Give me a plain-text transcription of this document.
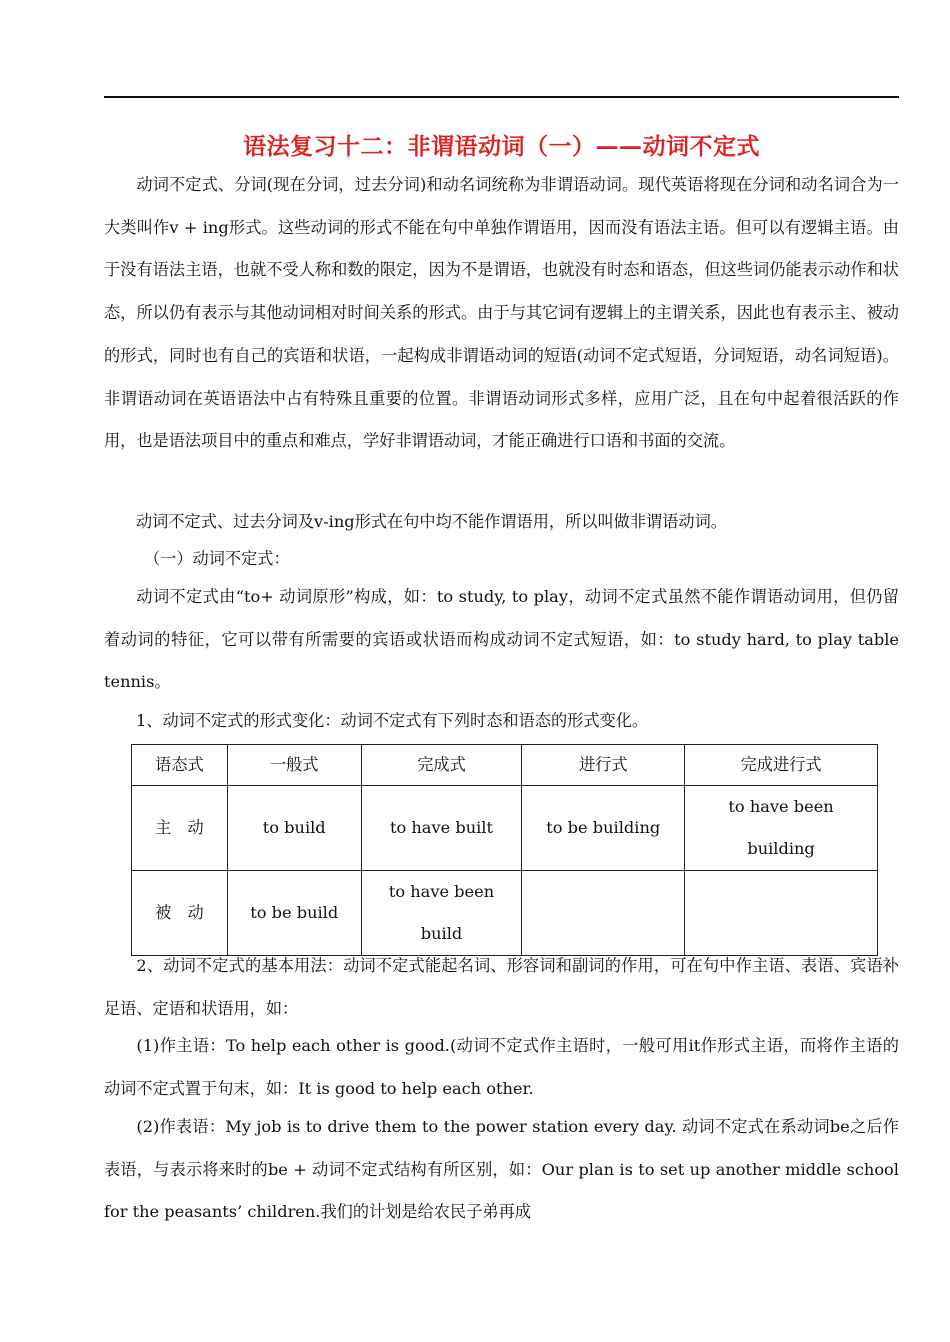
语法复习十二：非谓语动词（一）——动词不定式

动词不定式、分词(现在分词，过去分词)和动名词统称为非谓语动词。现代英语将现在分词和动名词合为一大类叫作v + ing形式。这些动词的形式不能在句中单独作谓语用，因而没有语法主语。但可以有逻辑主语。由于没有语法主语，也就不受人称和数的限定，因为不是谓语，也就没有时态和语态，但这些词仍能表示动作和状态，所以仍有表示与其他动词相对时间关系的形式。由于与其它词有逻辑上的主谓关系，因此也有表示主、被动的形式，同时也有自己的宾语和状语，一起构成非谓语动词的短语(动词不定式短语，分词短语，动名词短语)。非谓语动词在英语语法中占有特殊且重要的位置。非谓语动词形式多样，应用广泛，且在句中起着很活跃的作用，也是语法项目中的重点和难点，学好非谓语动词，才能正确进行口语和书面的交流。

动词不定式、过去分词及v-ing形式在句中均不能作谓语用，所以叫做非谓语动词。

（一）动词不定式：

动词不定式由“to+ 动词原形”构成，如：to study, to play，动词不定式虽然不能作谓语动词用，但仍留着动词的特征，它可以带有所需要的宾语或状语而构成动词不定式短语，如：to study hard, to play table tennis。

1、动词不定式的形式变化：动词不定式有下列时态和语态的形式变化。

语态式	一般式	完成式	进行式	完成进行式
主　动	to build	to have built	to be building	to have been building
被　动	to be build	to have been build		

2、动词不定式的基本用法：动词不定式能起名词、形容词和副词的作用，可在句中作主语、表语、宾语补足语、定语和状语用，如：

(1)作主语：To help each other is good.(动词不定式作主语时，一般可用it作形式主语，而将作主语的动词不定式置于句末，如：It is good to help each other.

(2)作表语：My job is to drive them to the power station every day. 动词不定式在系动词be之后作表语，与表示将来时的be + 动词不定式结构有所区别，如：Our plan is to set up another middle school for the peasants’ children.我们的计划是给农民子弟再成
